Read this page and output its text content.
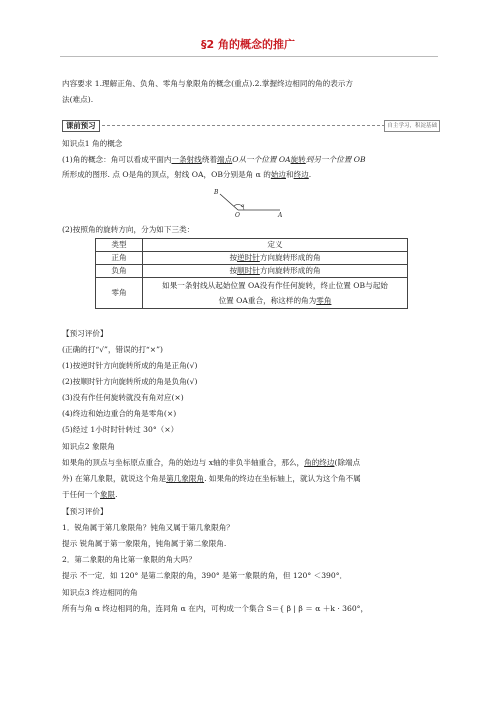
§2 角的概念的推广
内容要求 1.理解正角、负角、零角与象限角的概念(重点).2.掌握终边相同的角的表示方
法(难点).
课前预习	自主学习，积淀基础
知识点1 角的概念
(1)角的概念：角可以看成平面内一条射线绕着端点O从一个位置 OA旋转到另一个位置 OB
所形成的图形. 点 O是角的顶点，射线 OA，OB分别是角 α 的始边和终边.
B
α
O	A
(2)按照角的旋转方向，分为如下三类：
类型	定义
正角	按逆时针方向旋转形成的角
负角	按顺时针方向旋转形成的角
零角	如果一条射线从起始位置 OA没有作任何旋转，终止位置 OB与起始
位置 OA重合，称这样的角为零角
【预习评价】
(正确的打“√”，错误的打“×”)
(1)按逆时针方向旋转所成的角是正角(√)
(2)按顺时针方向旋转所成的角是负角(√)
(3)没有作任何旋转就没有角对应(×)
(4)终边和始边重合的角是零角(×)
(5)经过 1小时时针转过 30°（×）
知识点2 象限角
如果角的顶点与坐标原点重合，角的始边与 x轴的非负半轴重合，那么，角的终边(除端点
外) 在第几象限，就说这个角是第几象限角. 如果角的终边在坐标轴上，就认为这个角不属
于任何一个象限.
【预习评价】
1．锐角属于第几象限角？钝角又属于第几象限角？
提示 锐角属于第一象限角，钝角属于第二象限角.
2．第二象限的角比第一象限的角大吗？
提示 不一定．如 120° 是第二象限的角，390° 是第一象限的角，但 120° ＜390°．
知识点3 终边相同的角
所有与角 α 终边相同的角，连同角 α 在内，可构成一个集合 S＝{ β | β ＝ α ＋k · 360°，
